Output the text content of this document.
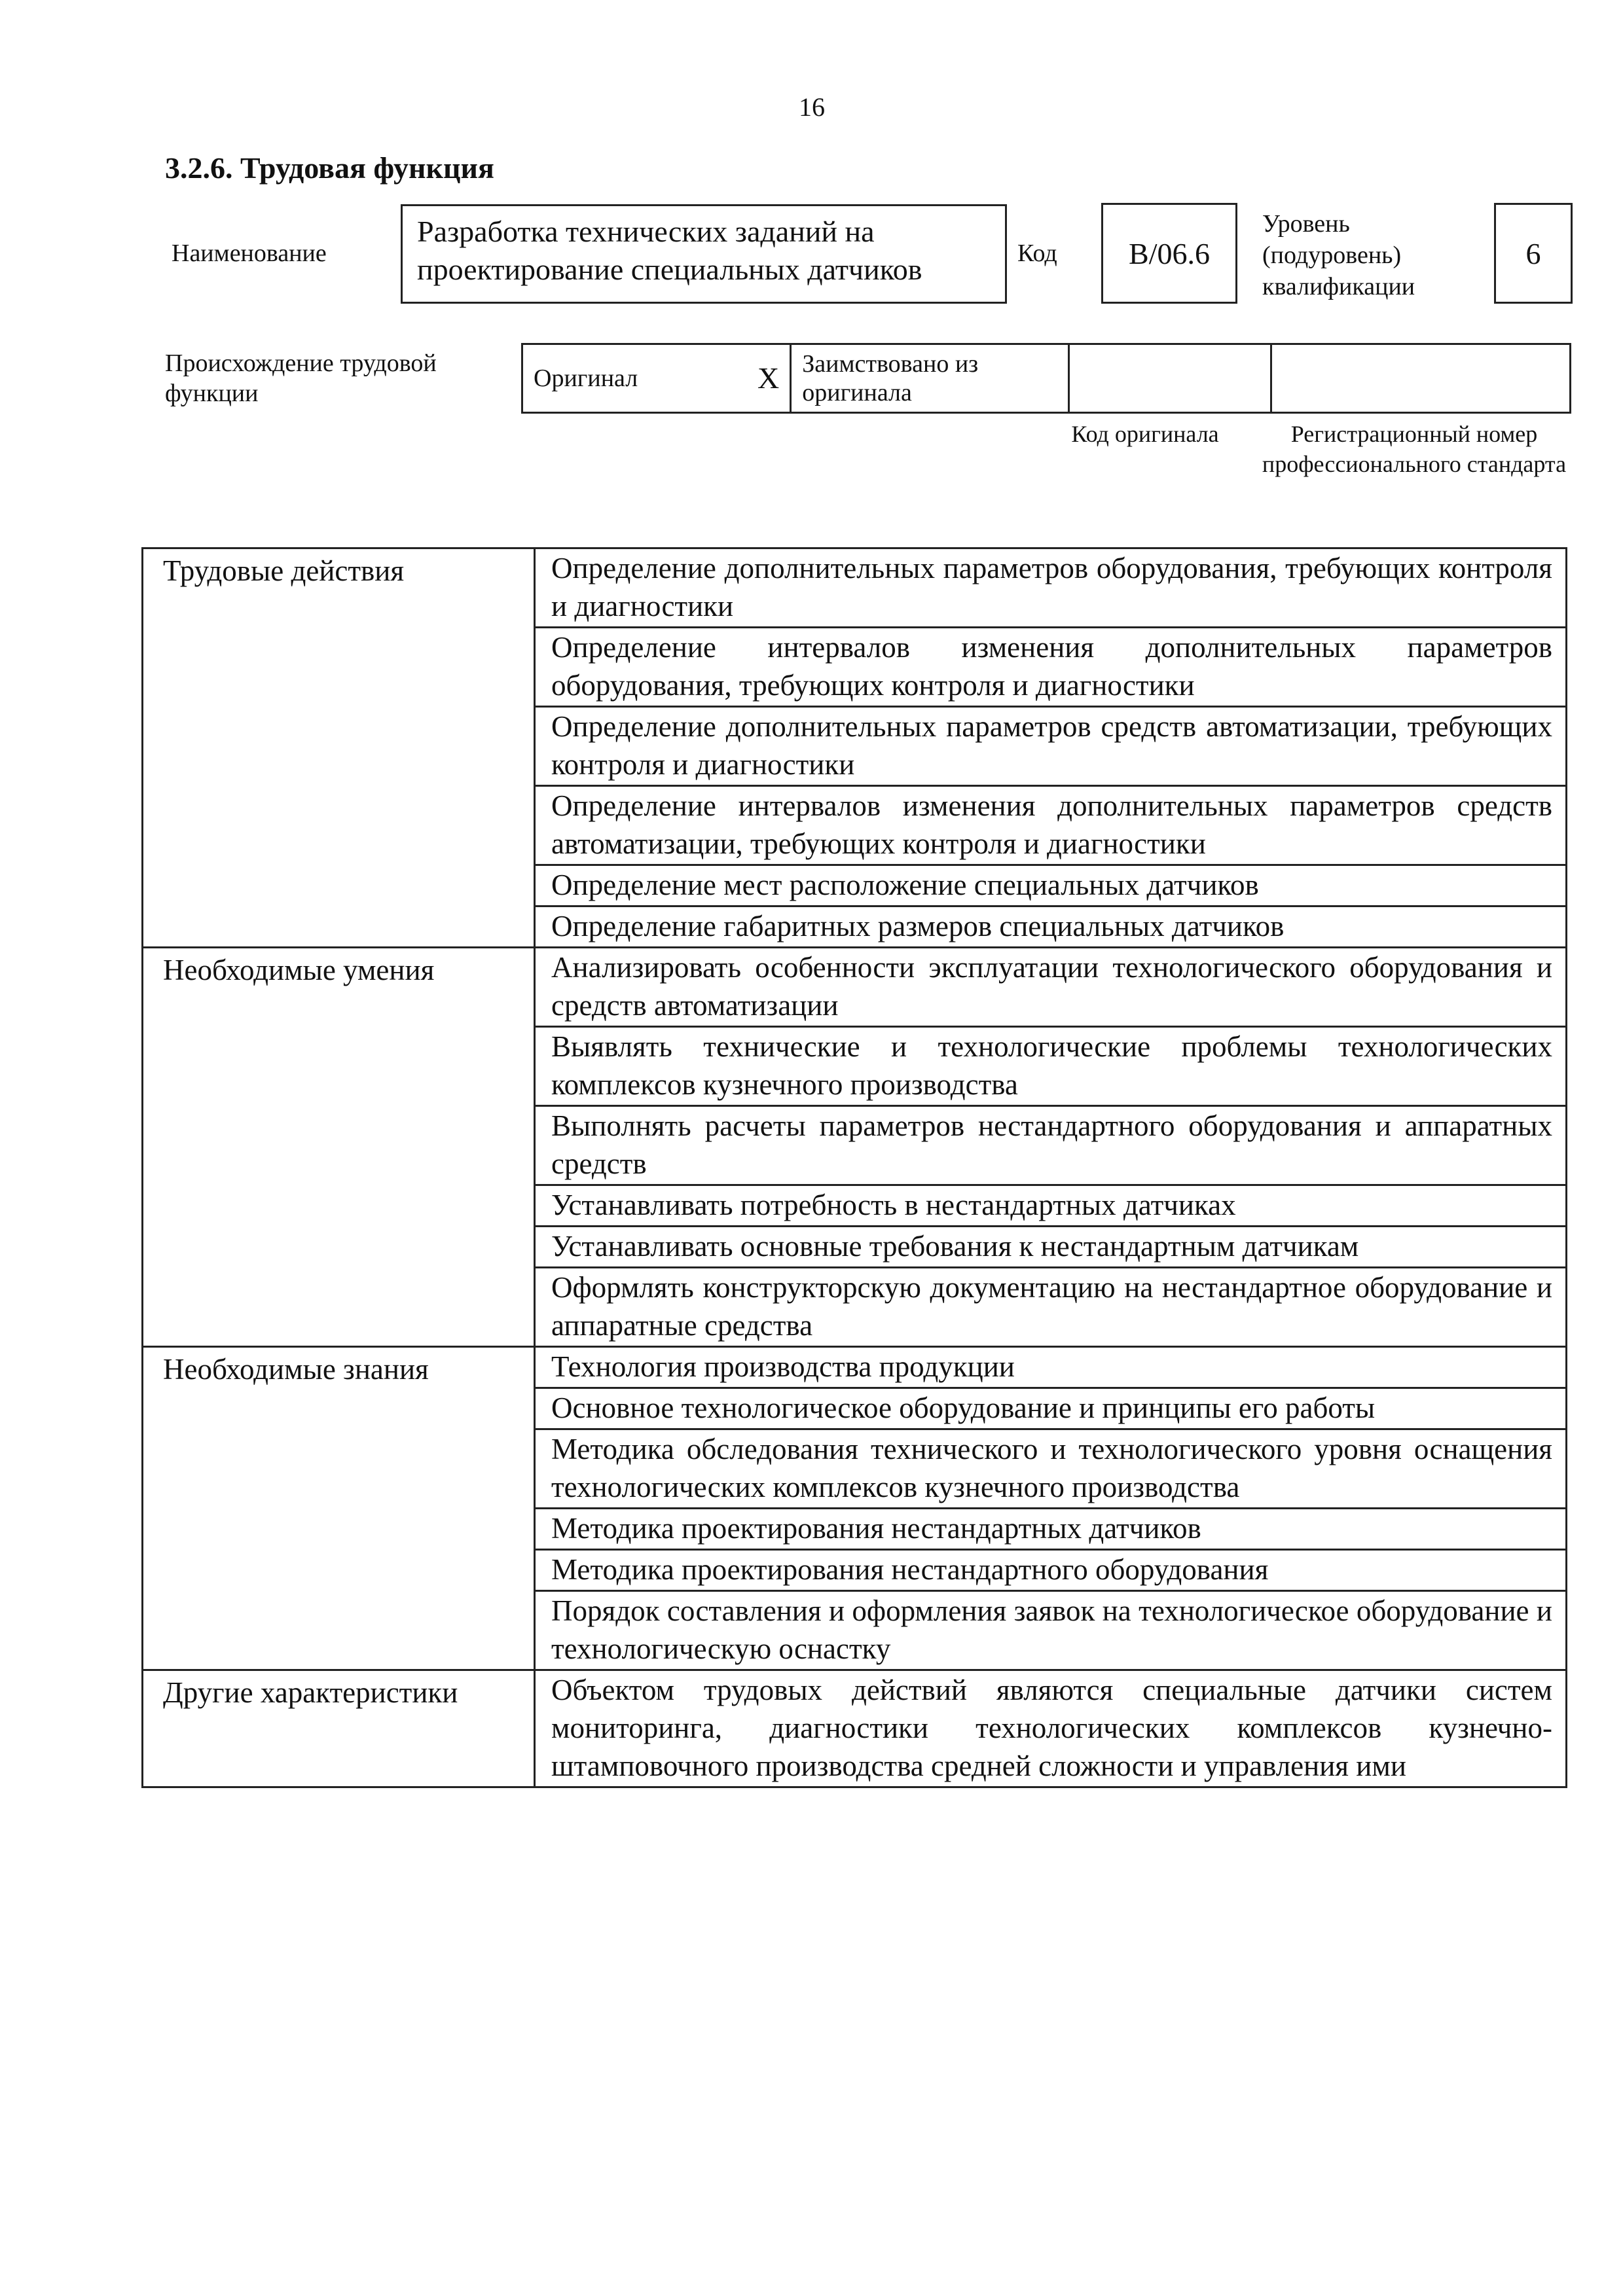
16
3.2.6. Трудовая функция
Наименование
Разработка технических заданий на проектирование специальных датчиков	Код В/06.6
Уровень
(подуровень)
квалификации
6
Происхождение трудовой функции
Оригинал	X	Заимствовано из оригинала		
Код оригинала	Регистрационный номер профессионального стандарта
Трудовые действия	Определение дополнительных параметров оборудования, требующих контроля и диагностики
	Определение интервалов изменения дополнительных параметров оборудования, требующих контроля и диагностики
	Определение дополнительных параметров средств автоматизации, требующих контроля и диагностики
	Определение интервалов изменения дополнительных параметров средств автоматизации, требующих контроля и диагностики
	Определение мест расположение специальных датчиков
	Определение габаритных размеров специальных датчиков
Необходимые умения	Анализировать особенности эксплуатации технологического оборудования и средств автоматизации
	Выявлять технические и технологические проблемы технологических комплексов кузнечного производства
	Выполнять расчеты параметров нестандартного оборудования и аппаратных средств
	Устанавливать потребность в нестандартных датчиках
	Устанавливать основные требования к нестандартным датчикам
	Оформлять конструкторскую документацию на нестандартное оборудование и аппаратные средства
Необходимые знания	Технология производства продукции
	Основное технологическое оборудование и принципы его работы
	Методика обследования технического и технологического уровня оснащения технологических комплексов кузнечного производства
	Методика проектирования нестандартных датчиков
	Методика проектирования нестандартного оборудования
	Порядок составления и оформления заявок на технологическое оборудование и технологическую оснастку
Другие характеристики	Объектом трудовых действий являются специальные датчики систем мониторинга, диагностики технологических комплексов кузнечно-штамповочного производства средней сложности и управления ими
